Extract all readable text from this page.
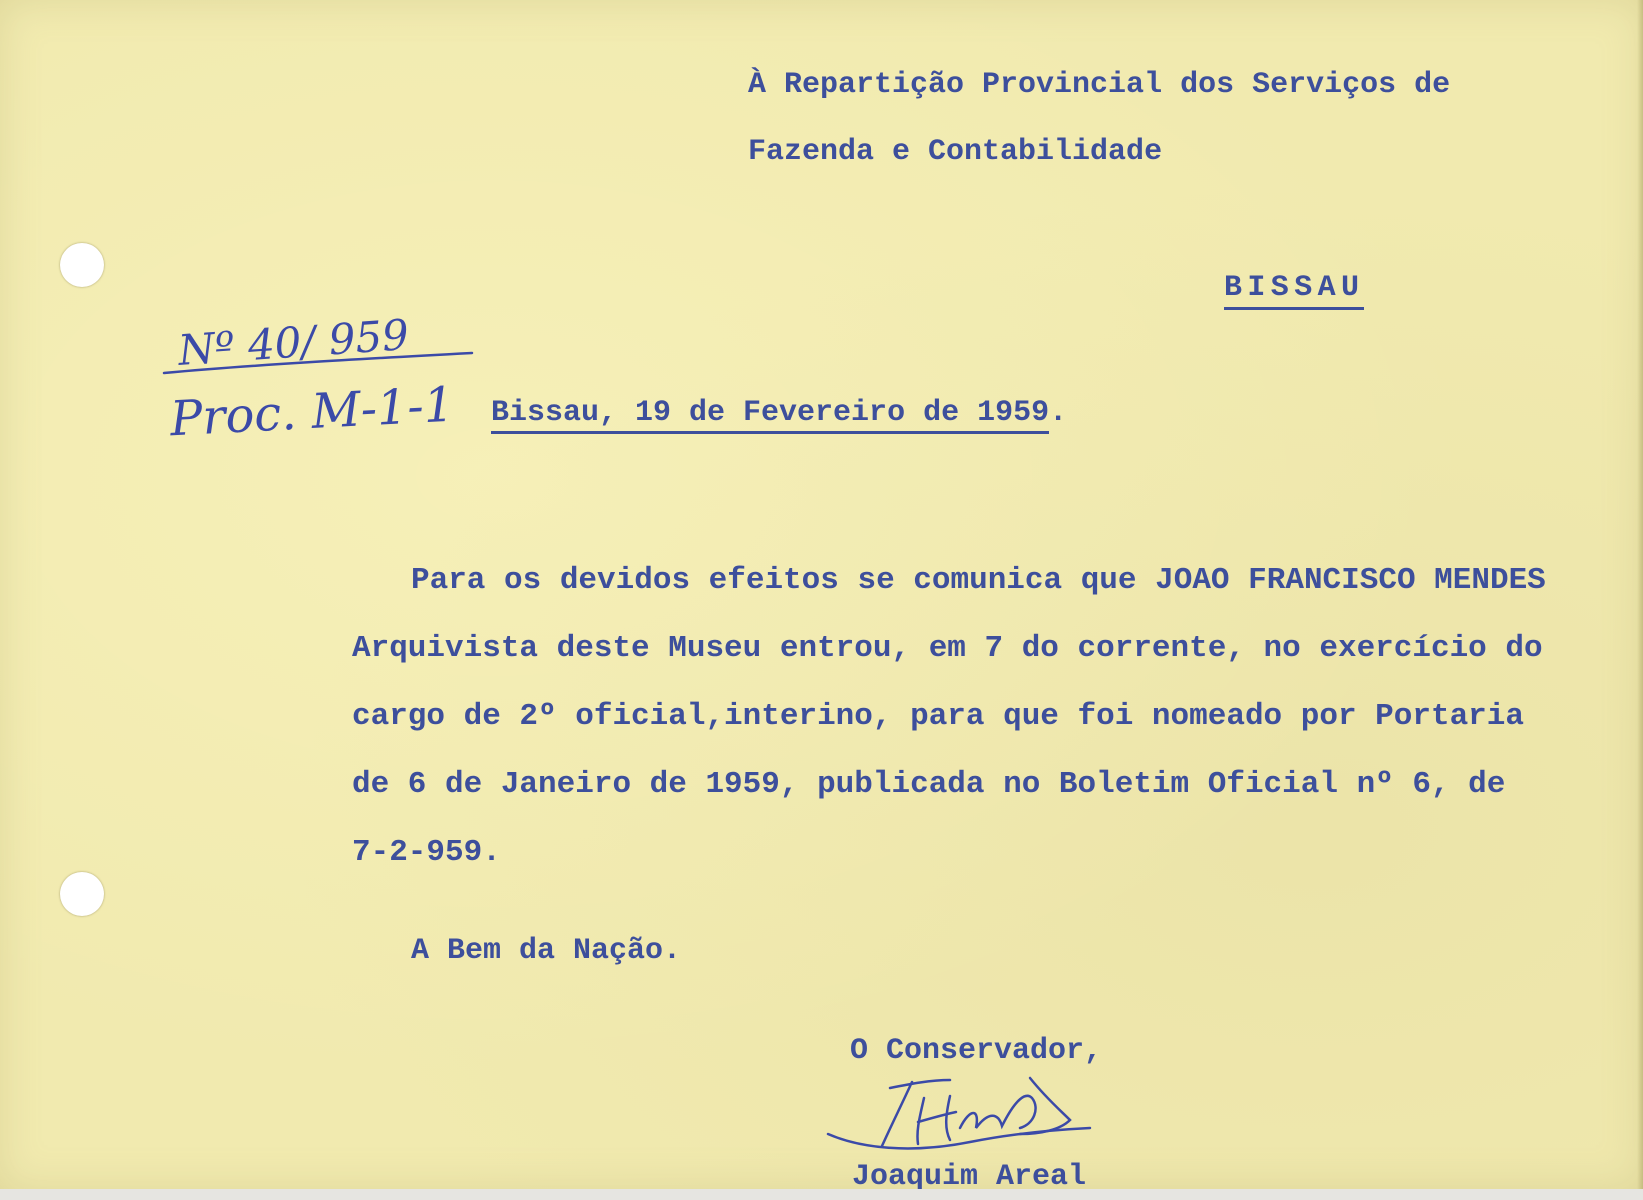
À Repartição Provincial dos Serviços de

Fazenda e Contabilidade

BISSAU

Nº 40/ 959

Proc. M-1-1 Bissau, 19 de Fevereiro de 1959.

Para os devidos efeitos se comunica que JOAO FRANCISCO MENDES

Arquivista deste Museu entrou, em 7 do corrente, no exercício do

cargo de 2º oficial,interino, para que foi nomeado por Portaria

de 6 de Janeiro de 1959, publicada no Boletim Oficial nº 6, de

7-2-959.

A Bem da Nação.

O Conservador,

Joaquim Areal
